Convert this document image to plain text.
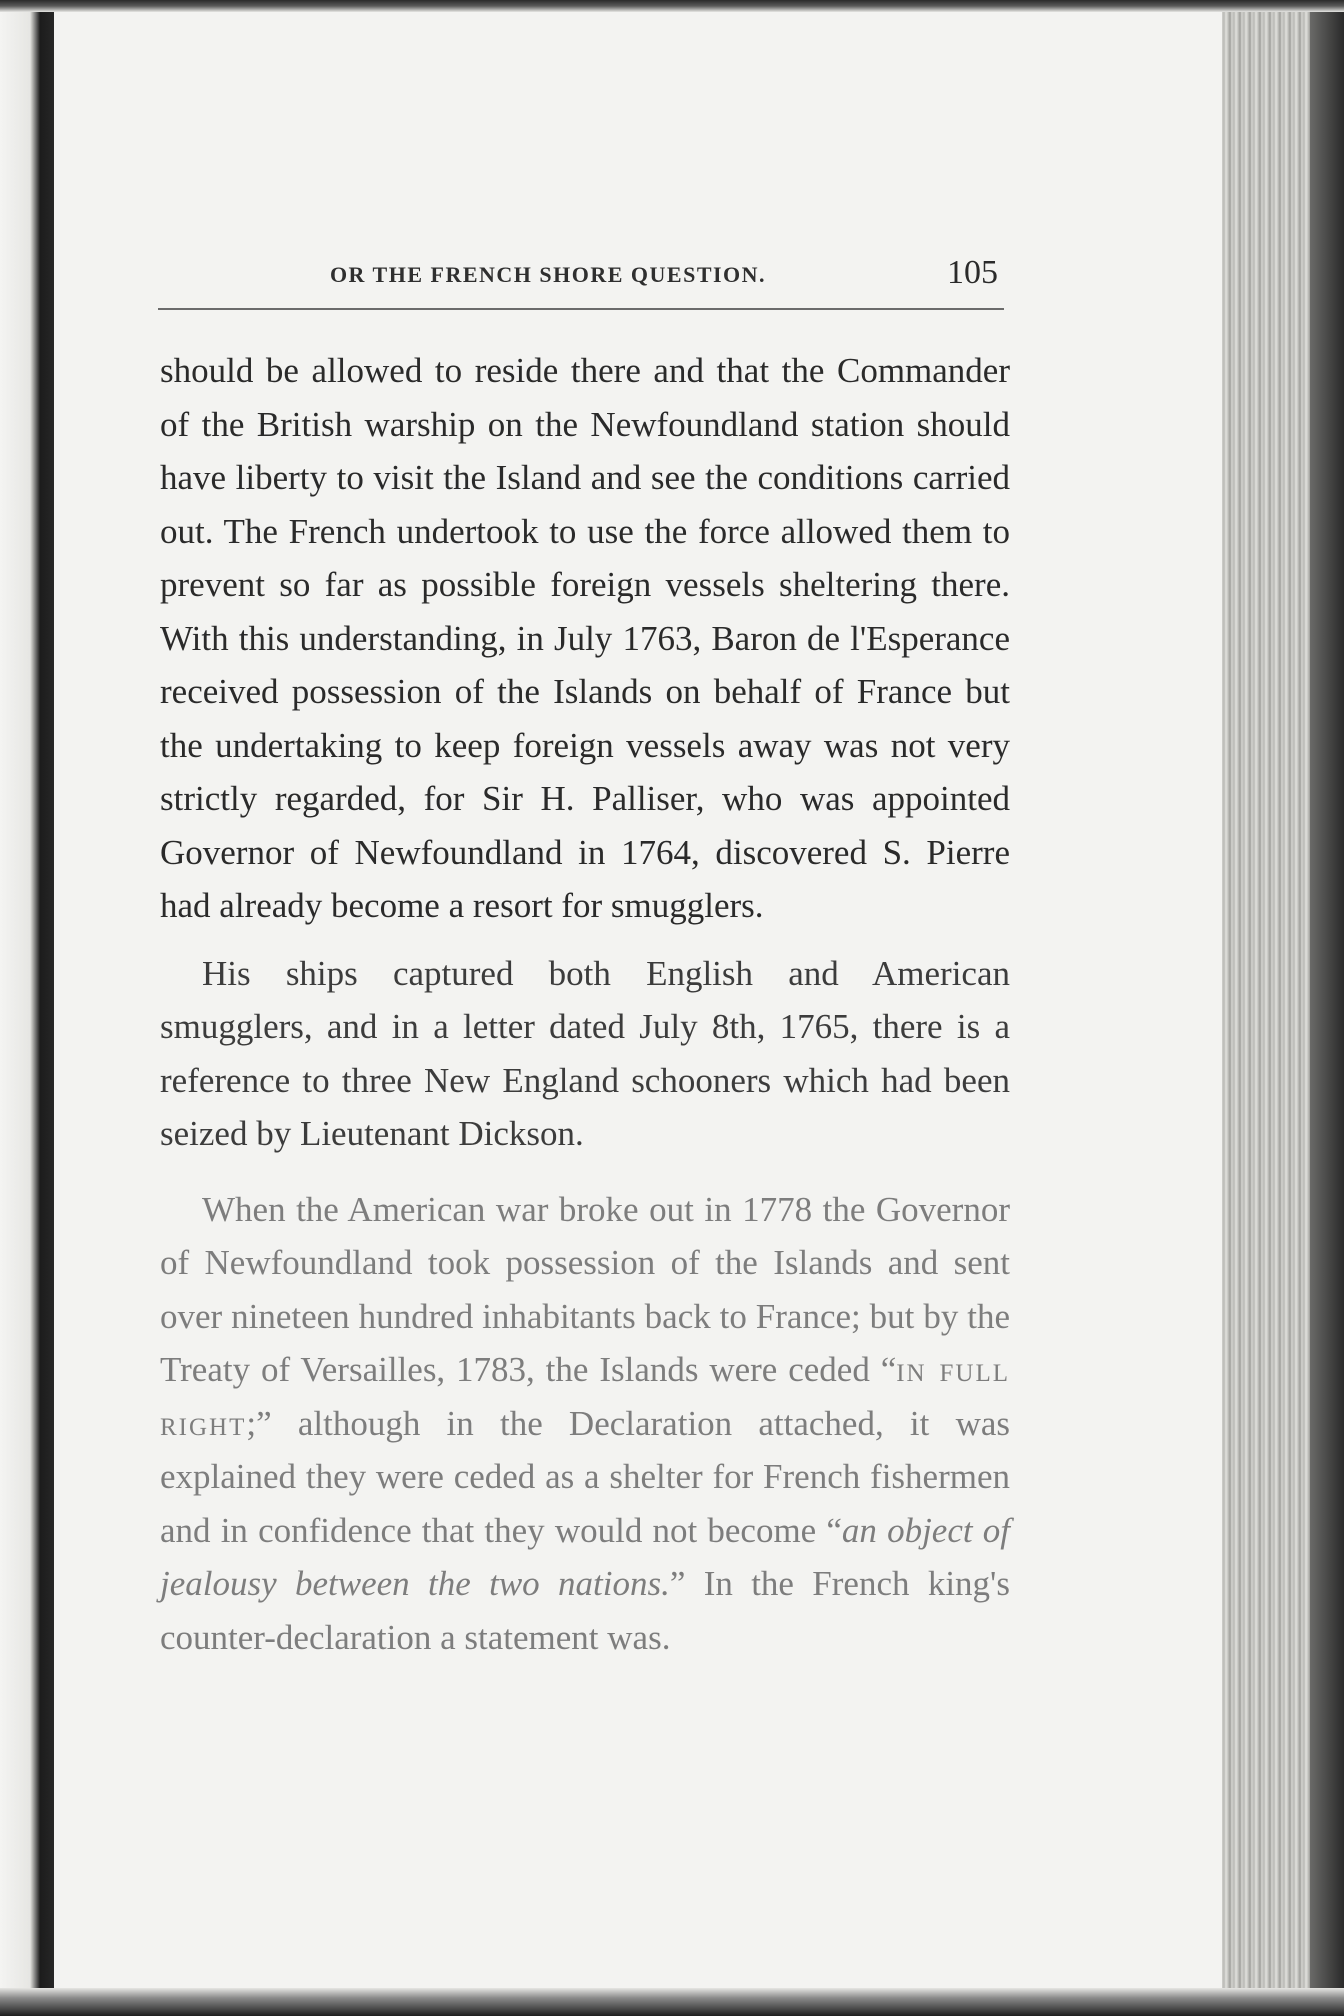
OR THE FRENCH SHORE QUESTION.	105

should be allowed to reside there and that the Commander of the British warship on the Newfoundland station should have liberty to visit the Island and see the conditions carried out. The French undertook to use the force allowed them to prevent so far as possible foreign vessels sheltering there. With this understanding, in July 1763, Baron de l'Esperance received possession of the Islands on behalf of France but the undertaking to keep foreign vessels away was not very strictly regarded, for Sir H. Palliser, who was appointed Governor of Newfoundland in 1764, discovered S. Pierre had already become a resort for smugglers.

His ships captured both English and American smugglers, and in a letter dated July 8th, 1765, there is a reference to three New England schooners which had been seized by Lieutenant Dickson.

When the American war broke out in 1778 the Governor of Newfoundland took possession of the Islands and sent over nineteen hundred inhabitants back to France; but by the Treaty of Versailles, 1783, the Islands were ceded “in full right;” although in the Declaration attached, it was explained they were ceded as a shelter for French fishermen and in confidence that they would not become “an object of jealousy between the two nations.” In the French king's counter-declaration a statement was.
